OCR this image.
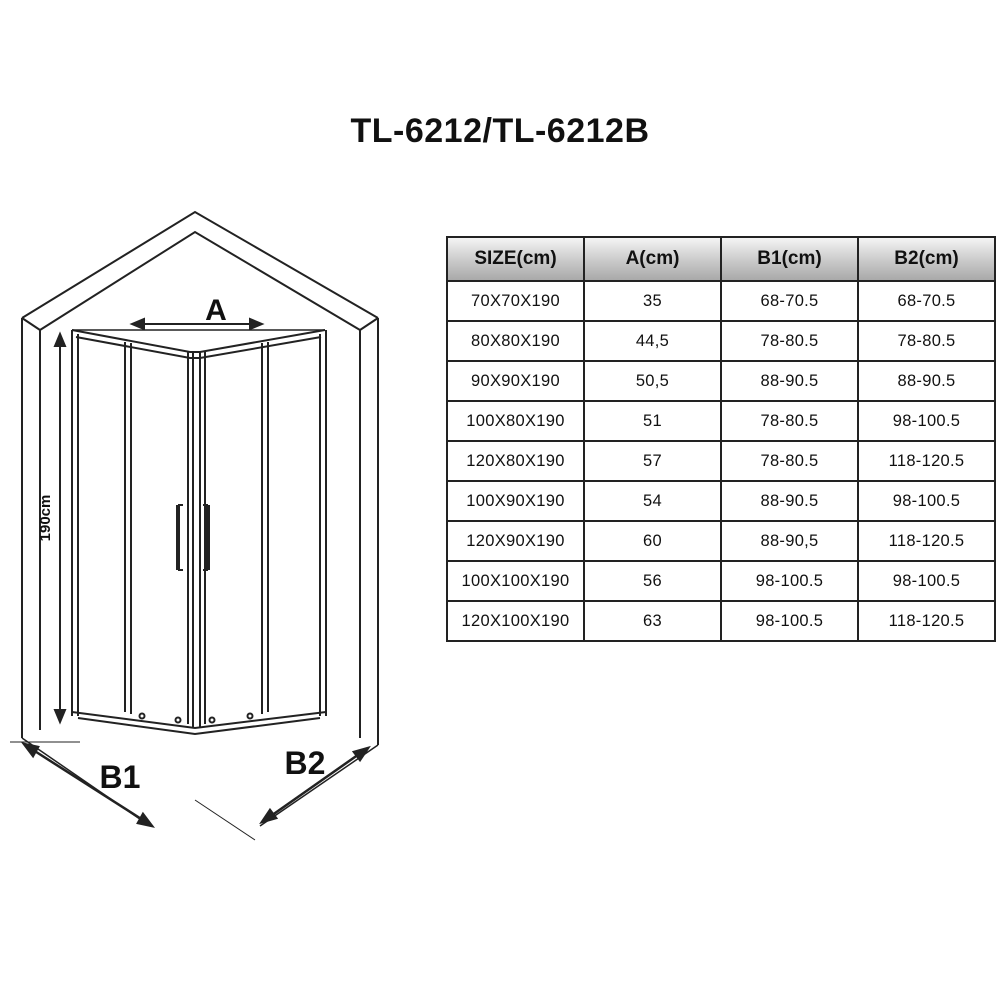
TL-6212/TL-6212B
A
190cm
B1	B2
SIZE(cm)	A(cm)	B1(cm)	B2(cm)
70X70X190	35	68-70.5	68-70.5
80X80X190	44,5	78-80.5	78-80.5
90X90X190	50,5	88-90.5	88-90.5
100X80X190	51	78-80.5	98-100.5
120X80X190	57	78-80.5	118-120.5
100X90X190	54	88-90.5	98-100.5
120X90X190	60	88-90,5	118-120.5
100X100X190	56	98-100.5	98-100.5
120X100X190	63	98-100.5	118-120.5
